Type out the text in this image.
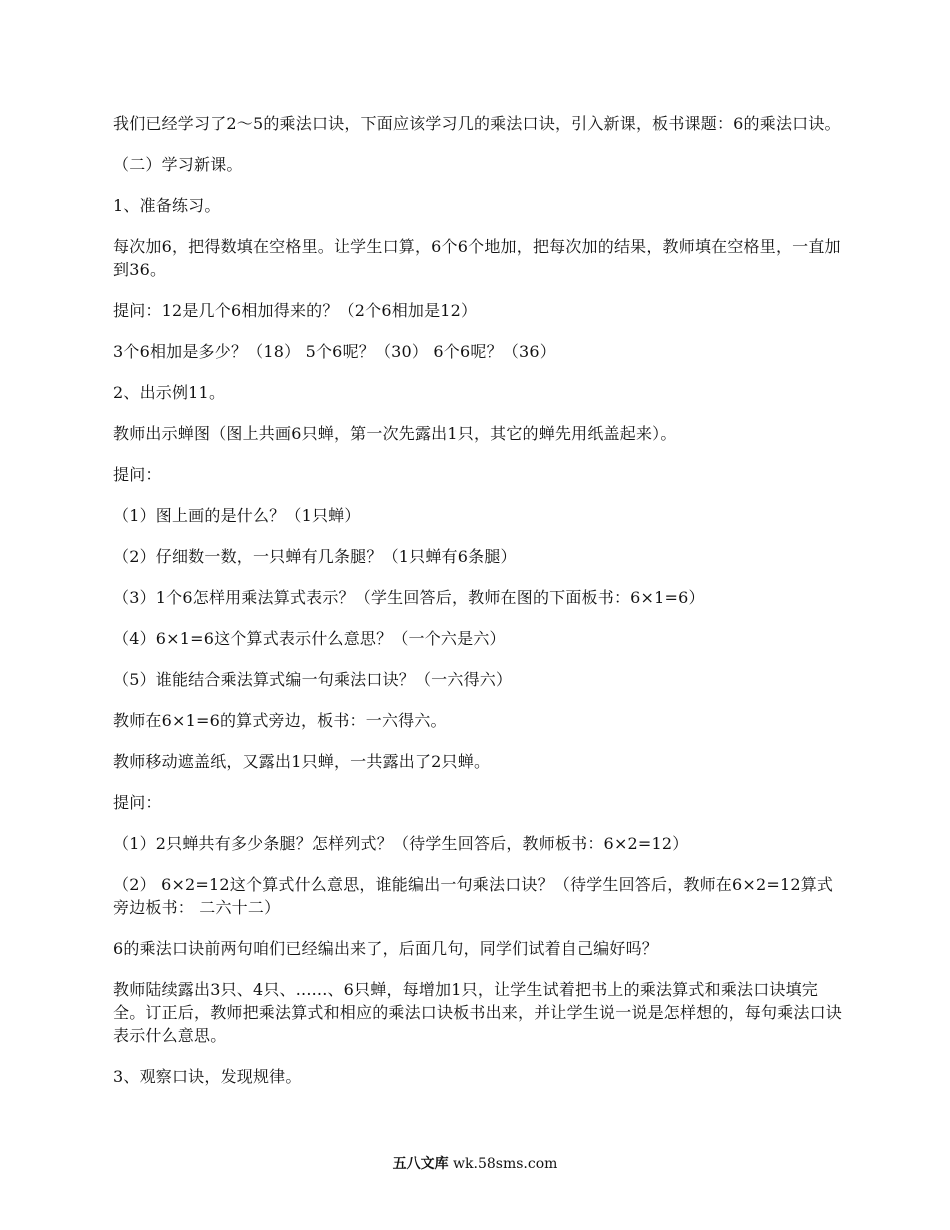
我们已经学习了2～5的乘法口诀，下面应该学习几的乘法口诀，引入新课，板书课题：6的乘法口诀。

（二）学习新课。

1、准备练习。

每次加6，把得数填在空格里。让学生口算，6个6个地加，把每次加的结果，教师填在空格里，一直加到36。

提问：12是几个6相加得来的？（2个6相加是12）

3个6相加是多少？（18） 5个6呢？（30） 6个6呢？（36）

2、出示例11。

教师出示蝉图（图上共画6只蝉，第一次先露出1只，其它的蝉先用纸盖起来）。

提问：

（1）图上画的是什么？（1只蝉）

（2）仔细数一数，一只蝉有几条腿？（1只蝉有6条腿）

（3）1个6怎样用乘法算式表示？（学生回答后，教师在图的下面板书：6×1=6）

（4）6×1=6这个算式表示什么意思？（一个六是六）

（5）谁能结合乘法算式编一句乘法口诀？（一六得六）

教师在6×1=6的算式旁边，板书：一六得六。

教师移动遮盖纸，又露出1只蝉，一共露出了2只蝉。

提问：

（1）2只蝉共有多少条腿？怎样列式？（待学生回答后，教师板书：6×2=12）

（2） 6×2=12这个算式什么意思，谁能编出一句乘法口诀？（待学生回答后，教师在6×2=12算式旁边板书： 二六十二）

6的乘法口诀前两句咱们已经编出来了，后面几句，同学们试着自己编好吗？

教师陆续露出3只、4只、......、6只蝉，每增加1只，让学生试着把书上的乘法算式和乘法口诀填完全。订正后，教师把乘法算式和相应的乘法口诀板书出来，并让学生说一说是怎样想的，每句乘法口诀表示什么意思。

3、观察口诀，发现规律。

五八文库 wk.58sms.com
